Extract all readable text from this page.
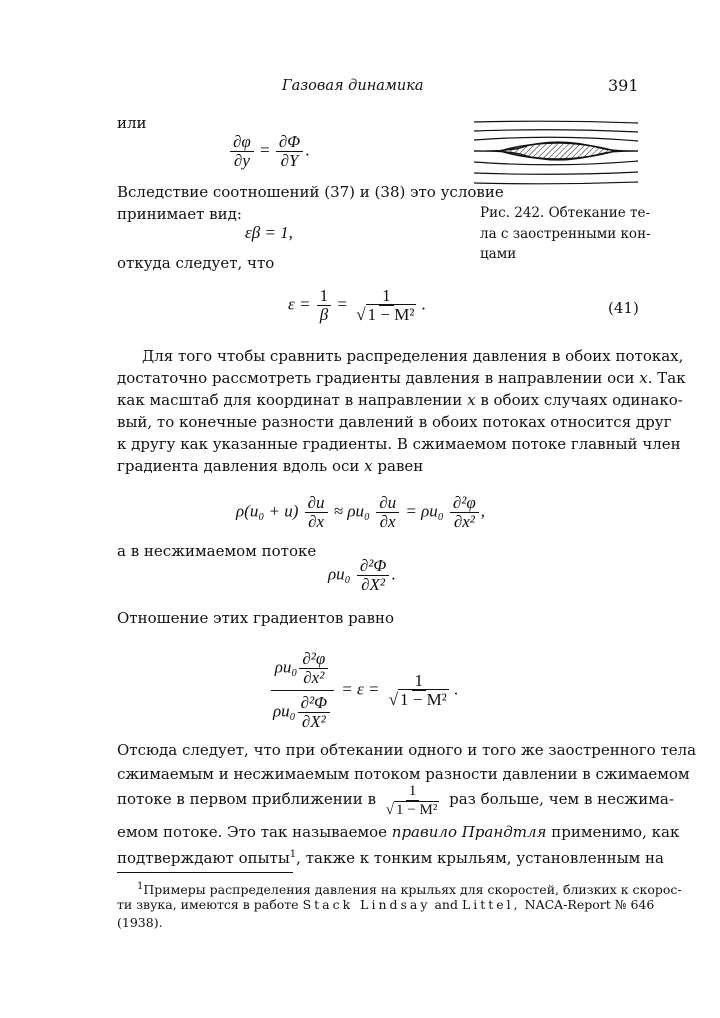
Газовая динамика	391
или
$\frac{\partial\varphi}{\partial y} = \frac{\partial\Phi}{\partial Y}$ .
Вследствие соотношений (37) и (38) это условие
принимает вид:
εβ = 1,
откуда следует, что
Рис. 242. Обтекание те-
ла с заостренными кон-
цами
$\varepsilon = \frac{1}{\beta} = \frac{1}{\text{√ 1 − M²}}$ .	(41)
Для того чтобы сравнить распределения давления в обоих потоках,
достаточно рассмотреть градиенты давления в направлении оси x. Так
как масштаб для координат в направлении x в обоих случаях одинако-
вый, то конечные разности давлений в обоих потоках относится друг
к другу как указанные градиенты. В сжимаемом потоке главный член
градиента давления вдоль оси x равен
$\rho(u_0 + u) \frac{\partial u}{\partial x} \approx \rho u_0 \frac{\partial u}{\partial x} = \rho u_0 \frac{\text{∂²φ}}{\text{∂x²}}$ ,
а в несжимаемом потоке
$\rho u_0 \frac{\text{∂²Φ}}{\text{∂X²}}$ .
Отношение этих градиентов равно
$\frac{\rho u_0 \frac{\text{∂²φ}}{\text{∂x²}}}{\rho u_0 \frac{\text{∂²Φ}}{\text{∂X²}}} = \varepsilon = \frac{1}{\text{√ 1 − M²}}$ .
Отсюда следует, что при обтекании одного и того же заостренного тела
сжимаемым и несжимаемым потоком разности давлении в сжимаемом
потоке в первом приближении в $\frac{1}{\text{√ 1 − M²}}$ раз больше, чем в несжима-
емом потоке. Это так называемое правило Прандтля применимо, как
подтверждают опыты$^1$, также к тонким крыльям, установленным на
$^1$Примеры распределения давления на крыльях для скоростей, близких к скорос-
ти звука, имеются в работе Stack Lindsay and Littel, NACA-Report № 646
(1938).
